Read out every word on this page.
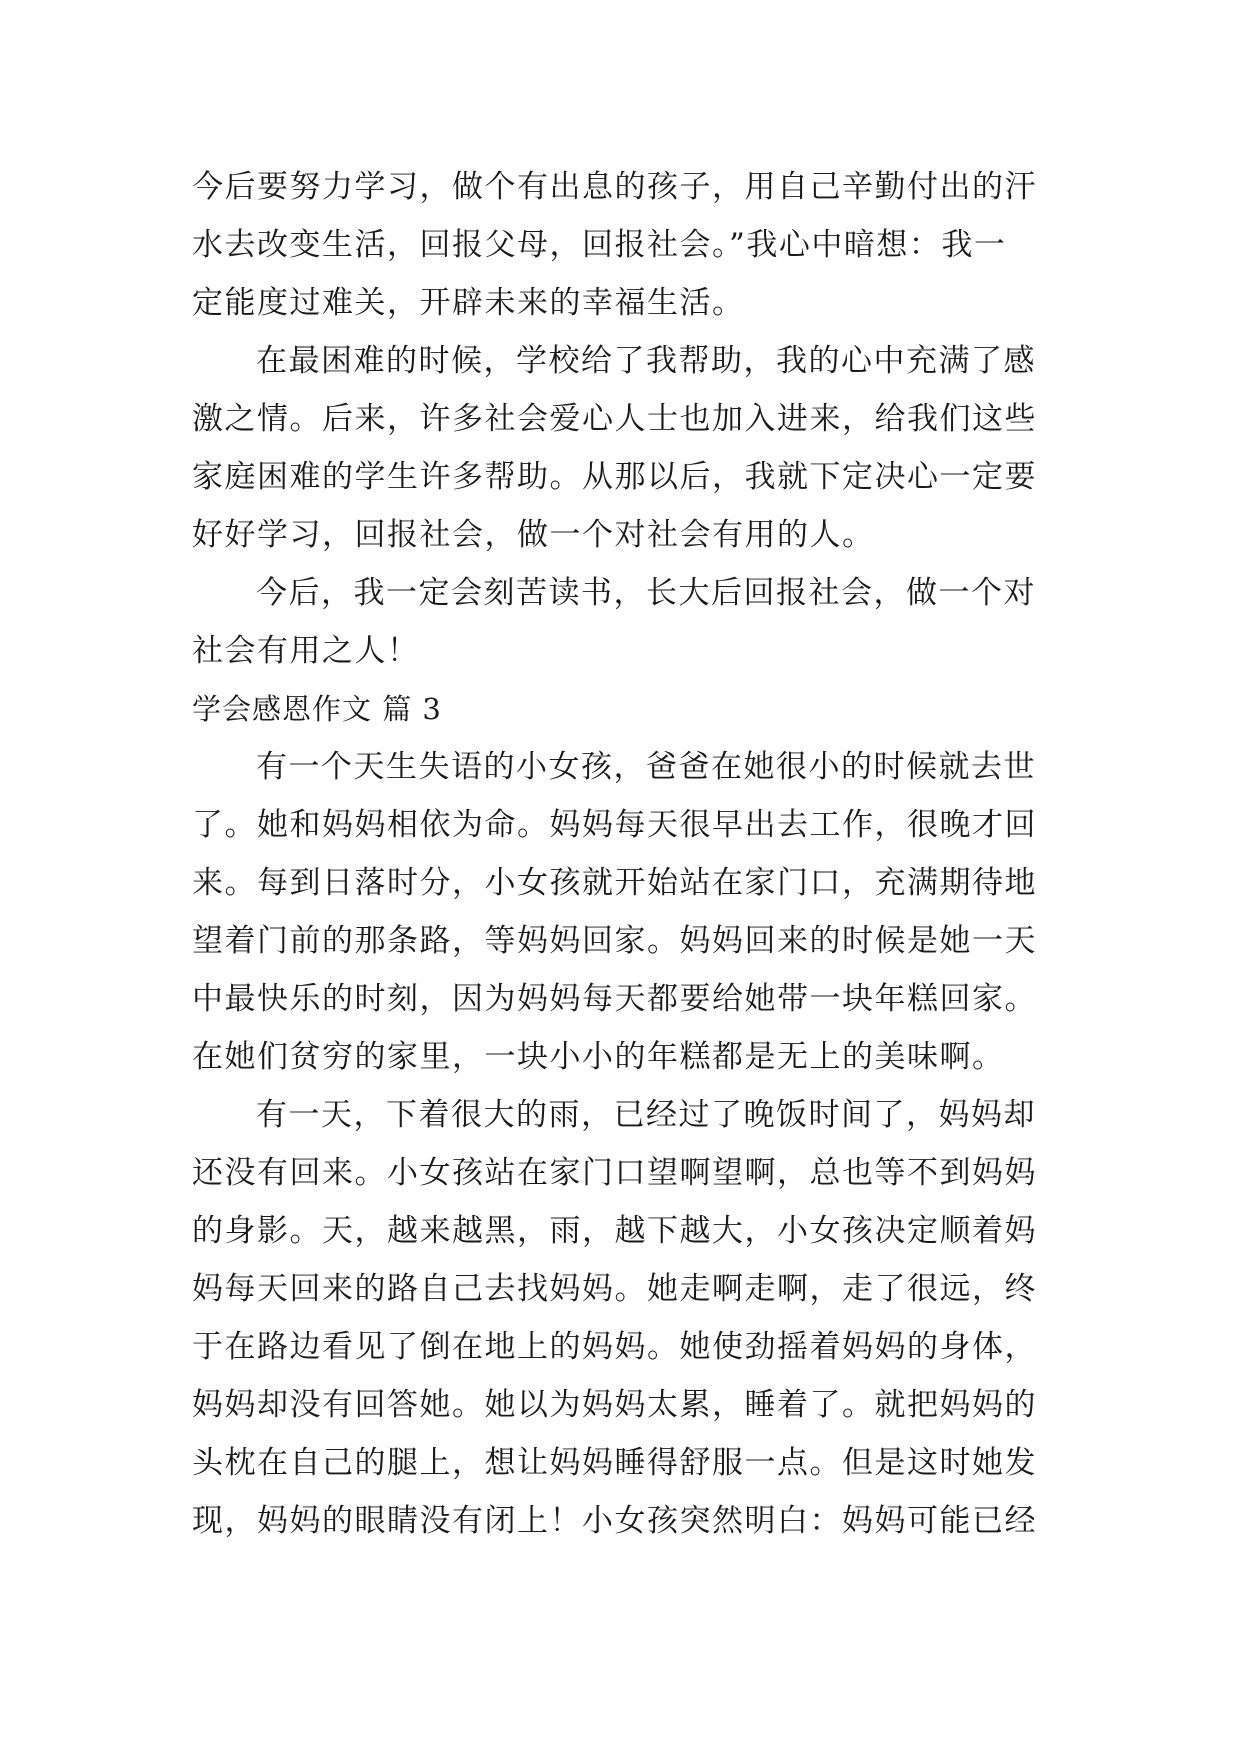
今后要努力学习，做个有出息的孩子，用自己辛勤付出的汗
水去改变生活，回报父母，回报社会。”我心中暗想：我一
定能度过难关，开辟未来的幸福生活。
在最困难的时候，学校给了我帮助，我的心中充满了感
激之情。后来，许多社会爱心人士也加入进来，给我们这些
家庭困难的学生许多帮助。从那以后，我就下定决心一定要
好好学习，回报社会，做一个对社会有用的人。
今后，我一定会刻苦读书，长大后回报社会，做一个对
社会有用之人！
学会感恩作文 篇 3
有一个天生失语的小女孩，爸爸在她很小的时候就去世
了。她和妈妈相依为命。妈妈每天很早出去工作，很晚才回
来。每到日落时分，小女孩就开始站在家门口，充满期待地
望着门前的那条路，等妈妈回家。妈妈回来的时候是她一天
中最快乐的时刻，因为妈妈每天都要给她带一块年糕回家。
在她们贫穷的家里，一块小小的年糕都是无上的美味啊。
有一天，下着很大的雨，已经过了晚饭时间了，妈妈却
还没有回来。小女孩站在家门口望啊望啊，总也等不到妈妈
的身影。天，越来越黑，雨，越下越大，小女孩决定顺着妈
妈每天回来的路自己去找妈妈。她走啊走啊，走了很远，终
于在路边看见了倒在地上的妈妈。她使劲摇着妈妈的身体，
妈妈却没有回答她。她以为妈妈太累，睡着了。就把妈妈的
头枕在自己的腿上，想让妈妈睡得舒服一点。但是这时她发
现，妈妈的眼睛没有闭上！小女孩突然明白：妈妈可能已经
